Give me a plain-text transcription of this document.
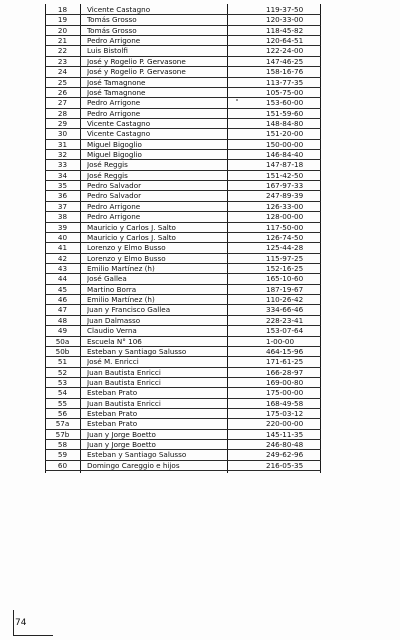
18	Vicente Castagno	119-37-50
19	Tomás Grosso	120-33-00
20	Tomás Grosso	118-45-82
21	Pedro Arrigone	120-64-51
22	Luis Bistolfi	122-24-00
23	José y Rogelio P. Gervasone	147-46-25
24	José y Rogelio P. Gervasone	158-16-76
25	José Tamagnone	113-77-35
26	José Tamagnone	105-75-00
27	Pedro Arrigone	153-60-00
28	Pedro Arrigone	151-59-60
29	Vicente Castagno	148-84-80
30	Vicente Castagno	151-20-00
31	Miguel Bigoglio	150-00-00
32	Miguel Bigoglio	146-84-40
33	José Reggis	147-87-18
34	José Reggis	151-42-50
35	Pedro Salvador	167-97-33
36	Pedro Salvador	247-89-39
37	Pedro Arrigone	126-33-00
38	Pedro Arrigone	128-00-00
39	Mauricio y Carlos J. Salto	117-50-00
40	Mauricio y Carlos J. Salto	126-74-50
41	Lorenzo y Elmo Busso	125-44-28
42	Lorenzo y Elmo Busso	115-97-25
43	Emilio Martínez (h)	152-16-25
44	José Gallea	165-10-60
45	Martino Borra	187-19-67
46	Emilio Martínez (h)	110-26-42
47	Juan y Francisco Gallea	334-66-46
48	Juan Dalmasso	228-23-41
49	Claudio Verna	153-07-64
50a	Escuela N° 106	1-00-00
50b	Esteban y Santiago Salusso	464-15-96
51	José M. Enricci	171-61-25
52	Juan Bautista Enricci	166-28-97
53	Juan Bautista Enricci	169-00-80
54	Esteban Prato	175-00-00
55	Juan Bautista Enricci	168-49-58
56	Esteban Prato	175-03-12
57a	Esteban Prato	220-00-00
57b	Juan y Jorge Boetto	145-11-35
58	Juan y Jorge Boetto	246-80-48
59	Esteban y Santiago Salusso	249-62-96
60	Domingo Careggio e hijos	216-05-35
74
